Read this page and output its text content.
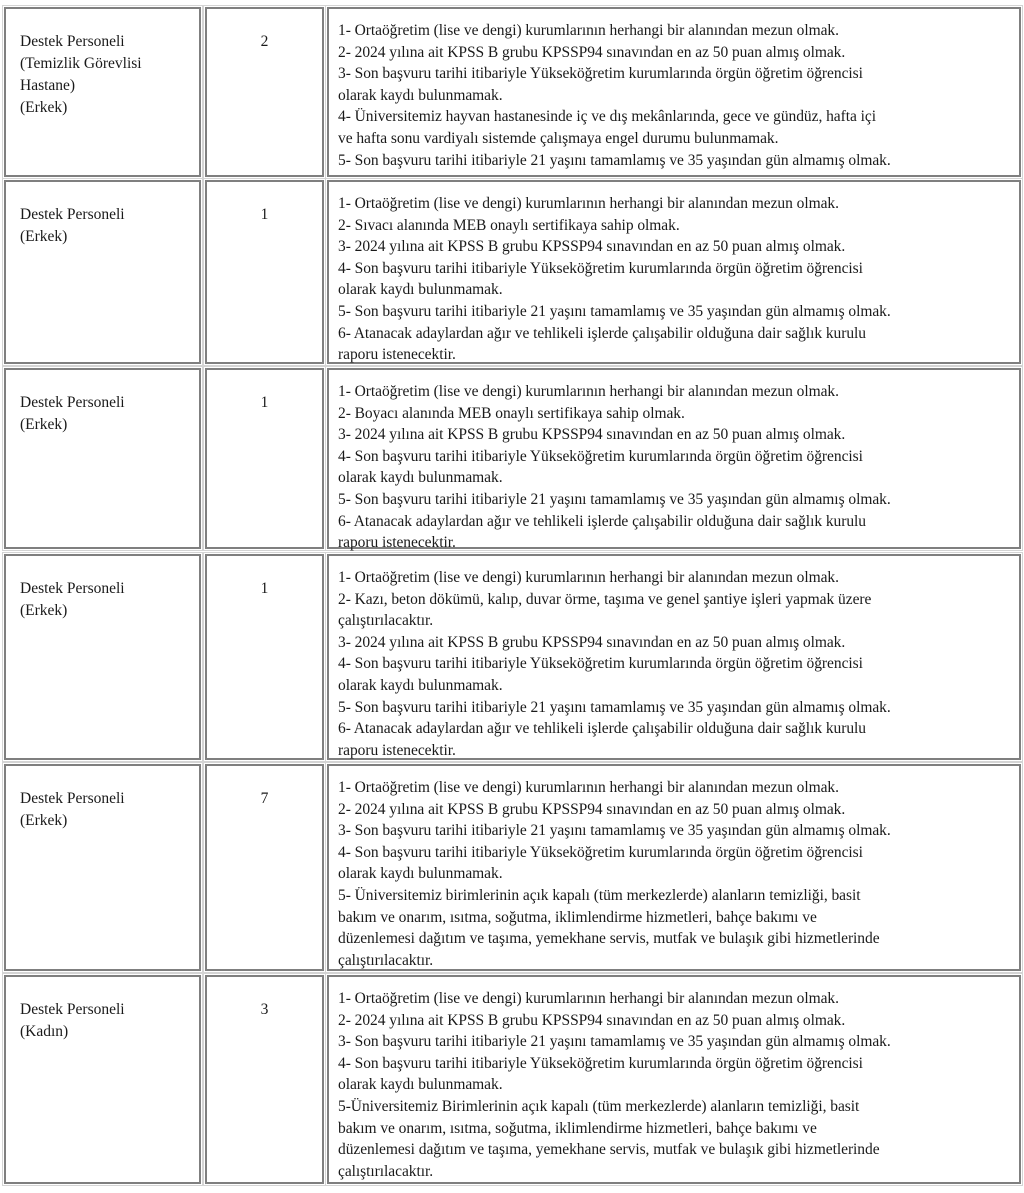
Destek Personeli
(Temizlik Görevlisi
Hastane)
(Erkek)
2
1- Ortaöğretim (lise ve dengi) kurumlarının herhangi bir alanından mezun olmak.
2- 2024 yılına ait KPSS B grubu KPSSP94 sınavından en az 50 puan almış olmak.
3- Son başvuru tarihi itibariyle Yükseköğretim kurumlarında örgün öğretim öğrencisi
olarak kaydı bulunmamak.
4- Üniversitemiz hayvan hastanesinde iç ve dış mekânlarında, gece ve gündüz, hafta içi
ve hafta sonu vardiyalı sistemde çalışmaya engel durumu bulunmamak.
5- Son başvuru tarihi itibariyle 21 yaşını tamamlamış ve 35 yaşından gün almamış olmak.
Destek Personeli
(Erkek)
1
1- Ortaöğretim (lise ve dengi) kurumlarının herhangi bir alanından mezun olmak.
2- Sıvacı alanında MEB onaylı sertifikaya sahip olmak.
3- 2024 yılına ait KPSS B grubu KPSSP94 sınavından en az 50 puan almış olmak.
4- Son başvuru tarihi itibariyle Yükseköğretim kurumlarında örgün öğretim öğrencisi
olarak kaydı bulunmamak.
5- Son başvuru tarihi itibariyle 21 yaşını tamamlamış ve 35 yaşından gün almamış olmak.
6- Atanacak adaylardan ağır ve tehlikeli işlerde çalışabilir olduğuna dair sağlık kurulu
raporu istenecektir.
Destek Personeli
(Erkek)
1
1- Ortaöğretim (lise ve dengi) kurumlarının herhangi bir alanından mezun olmak.
2- Boyacı alanında MEB onaylı sertifikaya sahip olmak.
3- 2024 yılına ait KPSS B grubu KPSSP94 sınavından en az 50 puan almış olmak.
4- Son başvuru tarihi itibariyle Yükseköğretim kurumlarında örgün öğretim öğrencisi
olarak kaydı bulunmamak.
5- Son başvuru tarihi itibariyle 21 yaşını tamamlamış ve 35 yaşından gün almamış olmak.
6- Atanacak adaylardan ağır ve tehlikeli işlerde çalışabilir olduğuna dair sağlık kurulu
raporu istenecektir.
Destek Personeli
(Erkek)
1
1- Ortaöğretim (lise ve dengi) kurumlarının herhangi bir alanından mezun olmak.
2- Kazı, beton dökümü, kalıp, duvar örme, taşıma ve genel şantiye işleri yapmak üzere
çalıştırılacaktır.
3- 2024 yılına ait KPSS B grubu KPSSP94 sınavından en az 50 puan almış olmak.
4- Son başvuru tarihi itibariyle Yükseköğretim kurumlarında örgün öğretim öğrencisi
olarak kaydı bulunmamak.
5- Son başvuru tarihi itibariyle 21 yaşını tamamlamış ve 35 yaşından gün almamış olmak.
6- Atanacak adaylardan ağır ve tehlikeli işlerde çalışabilir olduğuna dair sağlık kurulu
raporu istenecektir.
Destek Personeli
(Erkek)
7
1- Ortaöğretim (lise ve dengi) kurumlarının herhangi bir alanından mezun olmak.
2- 2024 yılına ait KPSS B grubu KPSSP94 sınavından en az 50 puan almış olmak.
3- Son başvuru tarihi itibariyle 21 yaşını tamamlamış ve 35 yaşından gün almamış olmak.
4- Son başvuru tarihi itibariyle Yükseköğretim kurumlarında örgün öğretim öğrencisi
olarak kaydı bulunmamak.
5- Üniversitemiz birimlerinin açık kapalı (tüm merkezlerde) alanların temizliği, basit
bakım ve onarım, ısıtma, soğutma, iklimlendirme hizmetleri, bahçe bakımı ve
düzenlemesi dağıtım ve taşıma, yemekhane servis, mutfak ve bulaşık gibi hizmetlerinde
çalıştırılacaktır.
Destek Personeli
(Kadın)
3
1- Ortaöğretim (lise ve dengi) kurumlarının herhangi bir alanından mezun olmak.
2- 2024 yılına ait KPSS B grubu KPSSP94 sınavından en az 50 puan almış olmak.
3- Son başvuru tarihi itibariyle 21 yaşını tamamlamış ve 35 yaşından gün almamış olmak.
4- Son başvuru tarihi itibariyle Yükseköğretim kurumlarında örgün öğretim öğrencisi
olarak kaydı bulunmamak.
5-Üniversitemiz Birimlerinin açık kapalı (tüm merkezlerde) alanların temizliği, basit
bakım ve onarım, ısıtma, soğutma, iklimlendirme hizmetleri, bahçe bakımı ve
düzenlemesi dağıtım ve taşıma, yemekhane servis, mutfak ve bulaşık gibi hizmetlerinde
çalıştırılacaktır.
